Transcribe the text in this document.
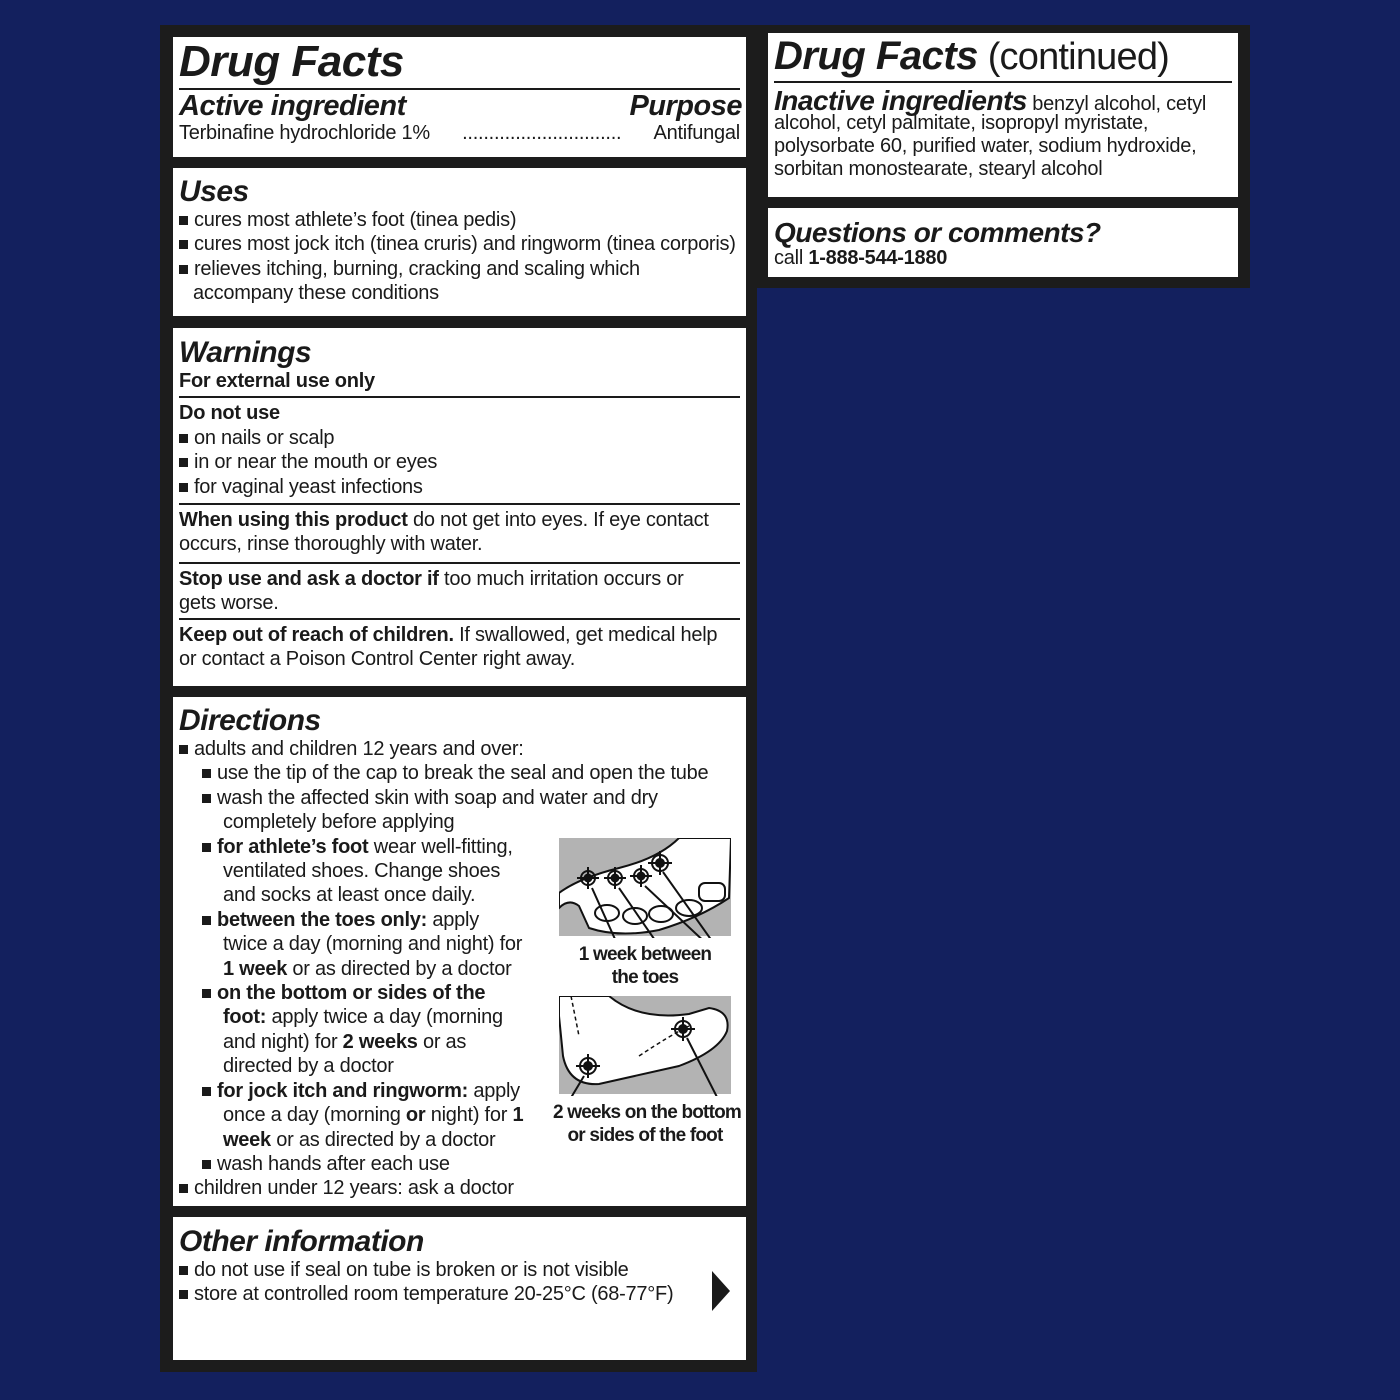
Drug Facts
Active ingredient	Purpose
Terbinafine hydrochloride 1%	..............................	Antifungal
Uses
cures most athlete’s foot (tinea pedis)
cures most jock itch (tinea cruris) and ringworm (tinea corporis)
relieves itching, burning, cracking and scaling which
accompany these conditions
Warnings
For external use only
Do not use
on nails or scalp
in or near the mouth or eyes
for vaginal yeast infections
When using this product do not get into eyes. If eye contact
occurs, rinse thoroughly with water.
Stop use and ask a doctor if too much irritation occurs or
gets worse.
Keep out of reach of children. If swallowed, get medical help
or contact a Poison Control Center right away.
Directions
adults and children 12 years and over:
use the tip of the cap to break the seal and open the tube
wash the affected skin with soap and water and dry
completely before applying
for athlete’s foot wear well-fitting,
ventilated shoes. Change shoes
and socks at least once daily.
between the toes only: apply
twice a day (morning and night) for
1 week or as directed by a doctor
on the bottom or sides of the
foot: apply twice a day (morning
and night) for 2 weeks or as
directed by a doctor
for jock itch and ringworm: apply
once a day (morning or night) for 1
week or as directed by a doctor
wash hands after each use
children under 12 years: ask a doctor
1 week between
the toes
2 weeks on the bottom
or sides of the foot
Other information
do not use if seal on tube is broken or is not visible
store at controlled room temperature 20-25°C (68-77°F)
Drug Facts (continued)
Inactive ingredients benzyl alcohol, cetyl
alcohol, cetyl palmitate, isopropyl myristate,
polysorbate 60, purified water, sodium hydroxide,
sorbitan monostearate, stearyl alcohol
Questions or comments?
call 1-888-544-1880
